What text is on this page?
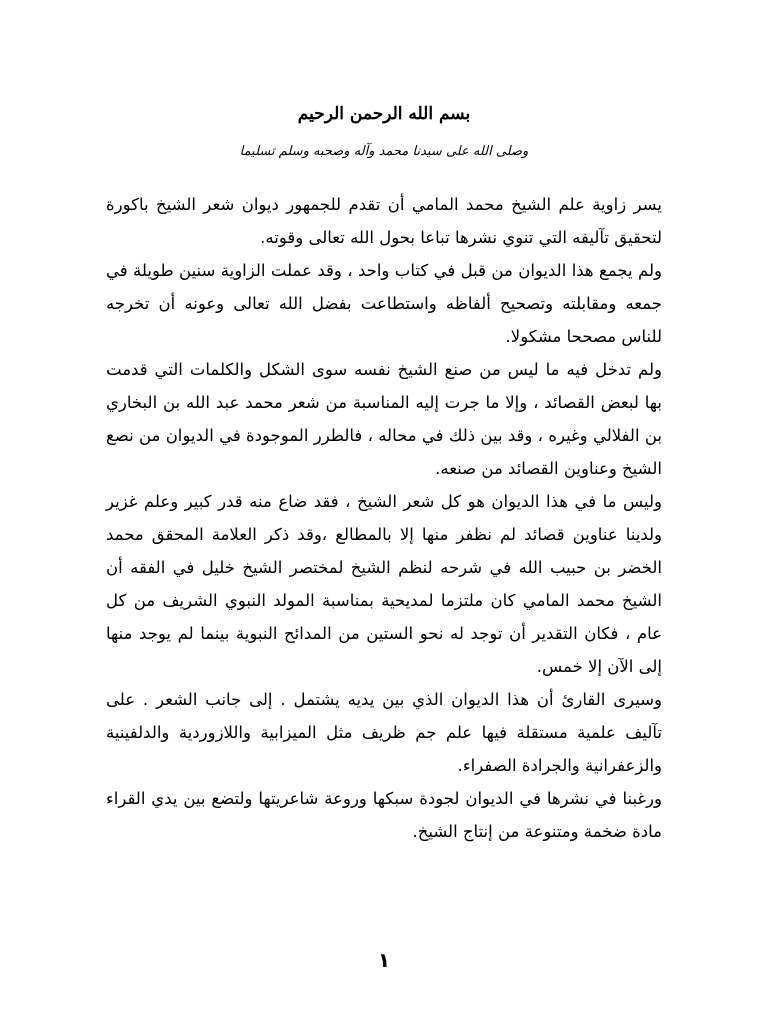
بسم الله الرحمن الرحيم
وصلى الله على سيدنا محمد وآله وصحبه وسلم تسليما

يسر زاوية علم الشيخ محمد المامي أن تقدم للجمهور ديوان شعر الشيخ باكورة لتحقيق تآليفه التي تنوي نشرها تباعا بحول الله تعالى وقوته.

ولم يجمع هذا الديوان من قبل في كتاب واحد ، وقد عملت الزاوية سنين طويلة في جمعه ومقابلته وتصحيح ألفاظه واستطاعت بفضل الله تعالى وعونه أن تخرجه للناس مصححا مشكولا.

ولم تدخل فيه ما ليس من صنع الشيخ نفسه سوى الشكل والكلمات التي قدمت بها لبعض القصائد ، وإلا ما جرت إليه المناسبة من شعر محمد عبد الله بن البخاري بن الفلالي وغيره ، وقد بين ذلك في محاله ، فالطرر الموجودة في الديوان من نصع الشيخ وعناوين القصائد من صنعه.

وليس ما في هذا الديوان هو كل شعر الشيخ ، فقد ضاع منه قدر كبير وعلم غزير ولدينا عناوين قصائد لم نظفر منها إلا بالمطالع ،وقد ذكر العلامة المحقق محمد الخضر بن حبيب الله في شرحه لنظم الشيخ لمختصر الشيخ خليل في الفقه أن الشيخ محمد المامي كان ملتزما لمديحية بمناسبة المولد النبوي الشريف من كل عام ، فكان التقدير أن توجد له نحو الستين من المدائح النبوية بينما لم يوجد منها إلى الآن إلا خمس.

وسيرى القارئ أن هذا الديوان الذي بين يديه يشتمل . إلى جانب الشعر . على تآليف علمية مستقلة فيها علم جم ظريف مثل الميزابية واللازوردية والدلفينية والزعفرانية والجرادة الصفراء.

ورغبنا في نشرها في الديوان لجودة سبكها وروعة شاعريتها ولتضع بين يدي القراء مادة ضخمة ومتنوعة من إنتاج الشيخ.

١
